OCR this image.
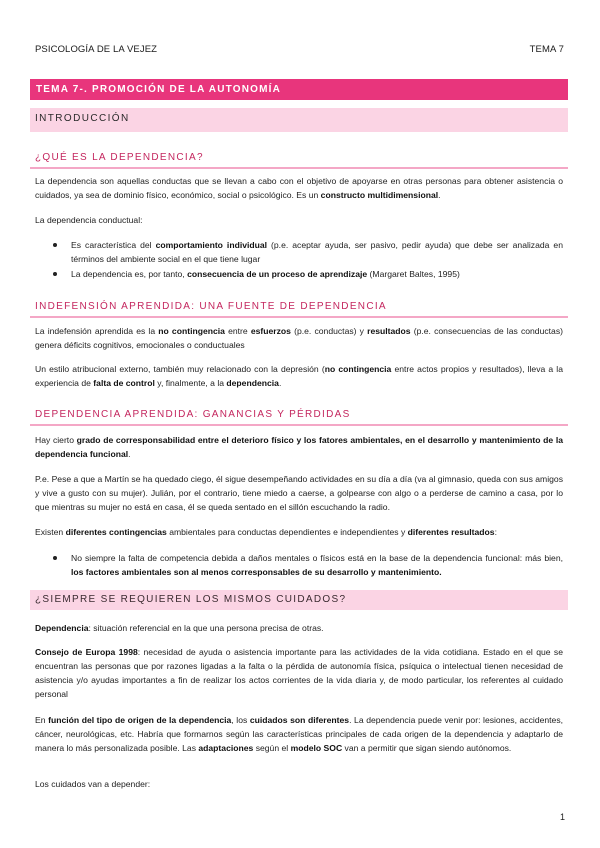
PSICOLOGÍA DE LA VEJEZ	TEMA 7
TEMA 7-. PROMOCIÓN DE LA AUTONOMÍA
INTRODUCCIÓN
¿QUÉ ES LA DEPENDENCIA?
La dependencia son aquellas conductas que se llevan a cabo con el objetivo de apoyarse en otras personas para obtener asistencia o cuidados, ya sea de dominio físico, económico, social o psicológico. Es un constructo multidimensional.
La dependencia conductual:
Es característica del comportamiento individual (p.e. aceptar ayuda, ser pasivo, pedir ayuda) que debe ser analizada en términos del ambiente social en el que tiene lugar
La dependencia es, por tanto, consecuencia de un proceso de aprendizaje (Margaret Baltes, 1995)
INDEFENSIÓN APRENDIDA: UNA FUENTE DE DEPENDENCIA
La indefensión aprendida es la no contingencia entre esfuerzos (p.e. conductas) y resultados (p.e. consecuencias de las conductas) genera déficits cognitivos, emocionales o conductuales
Un estilo atribucional externo, también muy relacionado con la depresión (no contingencia entre actos propios y resultados), lleva a la experiencia de falta de control y, finalmente, a la dependencia.
DEPENDENCIA APRENDIDA: GANANCIAS Y PÉRDIDAS
Hay cierto grado de corresponsabilidad entre el deterioro físico y los fatores ambientales, en el desarrollo y mantenimiento de la dependencia funcional.
P.e. Pese a que a Martín se ha quedado ciego, él sigue desempeñando actividades en su día a día (va al gimnasio, queda con sus amigos y vive a gusto con su mujer). Julián, por el contrario, tiene miedo a caerse, a golpearse con algo o a perderse de camino a casa, por lo que mientras su mujer no está en casa, él se queda sentado en el sillón escuchando la radio.
Existen diferentes contingencias ambientales para conductas dependientes e independientes y diferentes resultados:
No siempre la falta de competencia debida a daños mentales o físicos está en la base de la dependencia funcional: más bien, los factores ambientales son al menos corresponsables de su desarrollo y mantenimiento.
¿SIEMPRE SE REQUIEREN LOS MISMOS CUIDADOS?
Dependencia: situación referencial en la que una persona precisa de otras.
Consejo de Europa 1998: necesidad de ayuda o asistencia importante para las actividades de la vida cotidiana. Estado en el que se encuentran las personas que por razones ligadas a la falta o la pérdida de autonomía física, psíquica o intelectual tienen necesidad de asistencia y/o ayudas importantes a fin de realizar los actos corrientes de la vida diaria y, de modo particular, los referentes al cuidado personal
En función del tipo de origen de la dependencia, los cuidados son diferentes. La dependencia puede venir por: lesiones, accidentes, cáncer, neurológicas, etc. Habría que formarnos según las características principales de cada origen de la dependencia y adaptarlo de manera lo más personalizada posible. Las adaptaciones según el modelo SOC van a permitir que sigan siendo autónomos.
Los cuidados van a depender:
1
